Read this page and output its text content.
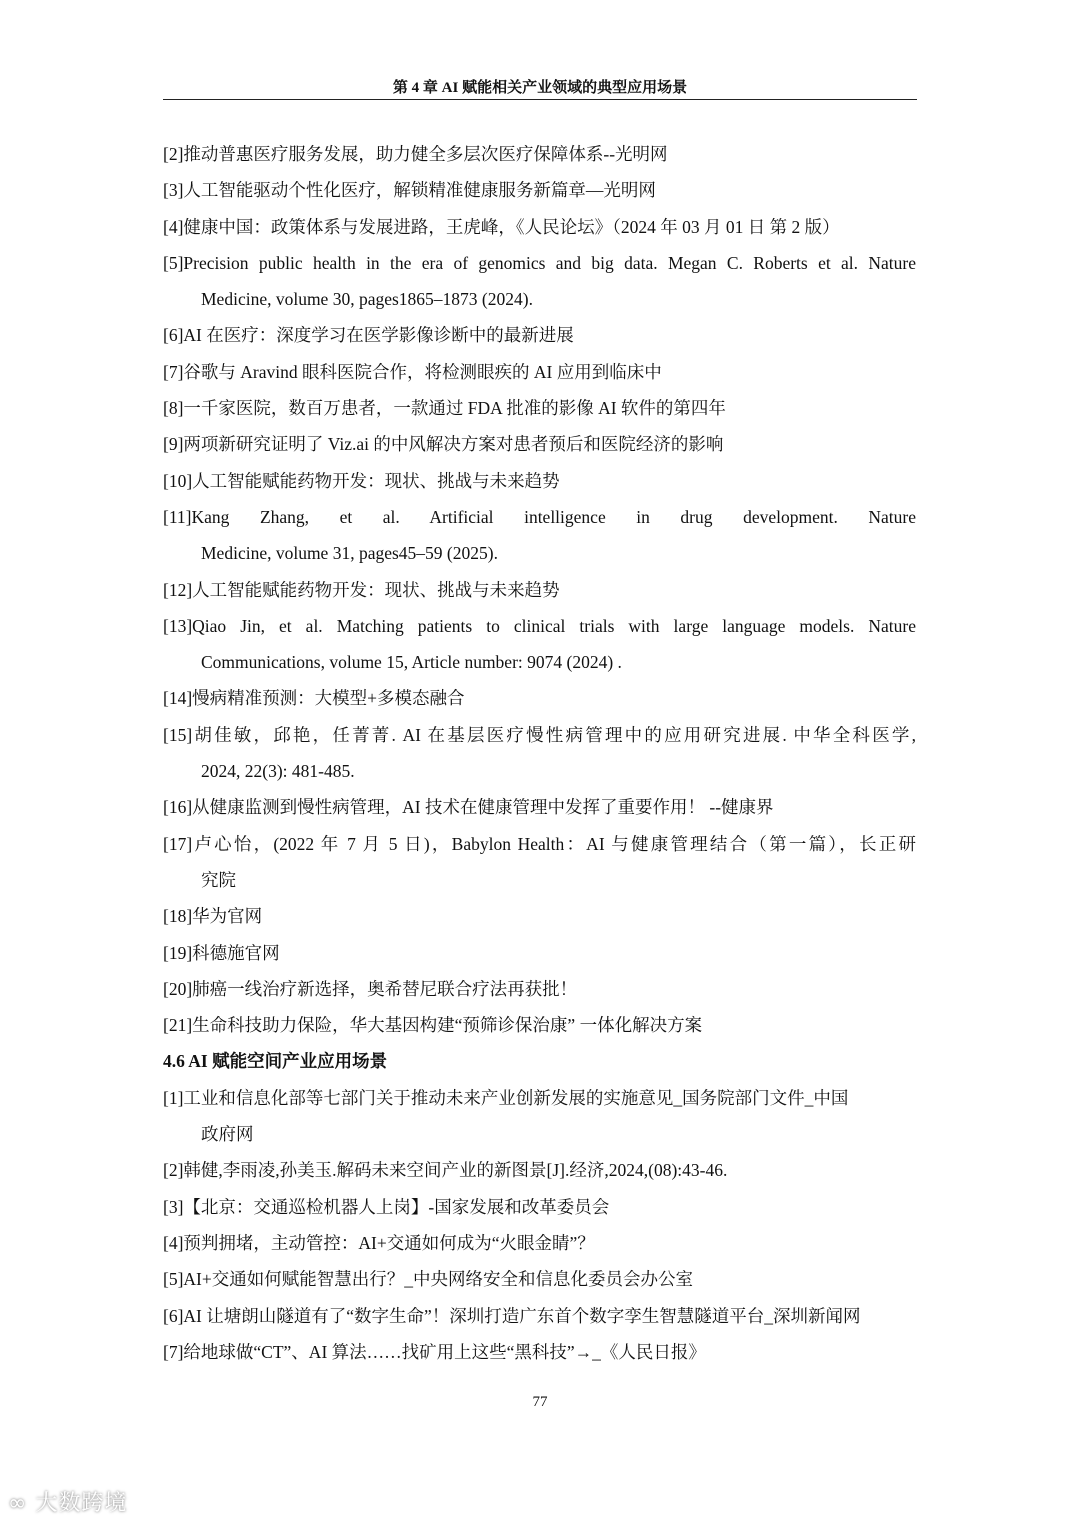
第 4 章 AI 赋能相关产业领域的典型应用场景
[2]推动普惠医疗服务发展，助力健全多层次医疗保障体系--光明网
[3]人工智能驱动个性化医疗，解锁精准健康服务新篇章—光明网
[4]健康中国：政策体系与发展进路，王虎峰，《人民论坛》（2024 年 03 月 01 日 第 2 版）
[5]Precision public health in the era of genomics and big data. Megan C. Roberts et al. Nature
Medicine, volume 30, pages1865–1873 (2024).
[6]AI 在医疗：深度学习在医学影像诊断中的最新进展
[7]谷歌与 Aravind 眼科医院合作，将检测眼疾的 AI 应用到临床中
[8]一千家医院，数百万患者，一款通过 FDA 批准的影像 AI 软件的第四年
[9]两项新研究证明了 Viz.ai 的中风解决方案对患者预后和医院经济的影响
[10]人工智能赋能药物开发：现状、挑战与未来趋势
[11]Kang Zhang, et al. Artificial intelligence in drug development. Nature
Medicine, volume 31, pages45–59 (2025).
[12]人工智能赋能药物开发：现状、挑战与未来趋势
[13]Qiao Jin, et al. Matching patients to clinical trials with large language models. Nature
Communications, volume 15, Article number: 9074 (2024) .
[14]慢病精准预测：大模型+多模态融合
[15]胡佳敏，邱艳，任菁菁. AI 在基层医疗慢性病管理中的应用研究进展. 中华全科医学,
2024, 22(3): 481-485.
[16]从健康监测到慢性病管理，AI 技术在健康管理中发挥了重要作用！ --健康界
[17]卢心怡，(2022 年 7 月 5 日)，Babylon Health：AI 与健康管理结合（第一篇），长正研
究院
[18]华为官网
[19]科德施官网
[20]肺癌一线治疗新选择，奥希替尼联合疗法再获批！
[21]生命科技助力保险，华大基因构建“预筛诊保治康” 一体化解决方案
4.6 AI 赋能空间产业应用场景
[1]工业和信息化部等七部门关于推动未来产业创新发展的实施意见_国务院部门文件_中国
政府网
[2]韩健,李雨凌,孙美玉.解码未来空间产业的新图景[J].经济,2024,(08):43-46.
[3]【北京：交通巡检机器人上岗】-国家发展和改革委员会
[4]预判拥堵，主动管控：AI+交通如何成为“火眼金睛”？
[5]AI+交通如何赋能智慧出行？_中央网络安全和信息化委员会办公室
[6]AI 让塘朗山隧道有了“数字生命”！深圳打造广东首个数字孪生智慧隧道平台_深圳新闻网
[7]给地球做“CT”、AI 算法……找矿用上这些“黑科技”→_《人民日报》
77
∞ 大数跨境
